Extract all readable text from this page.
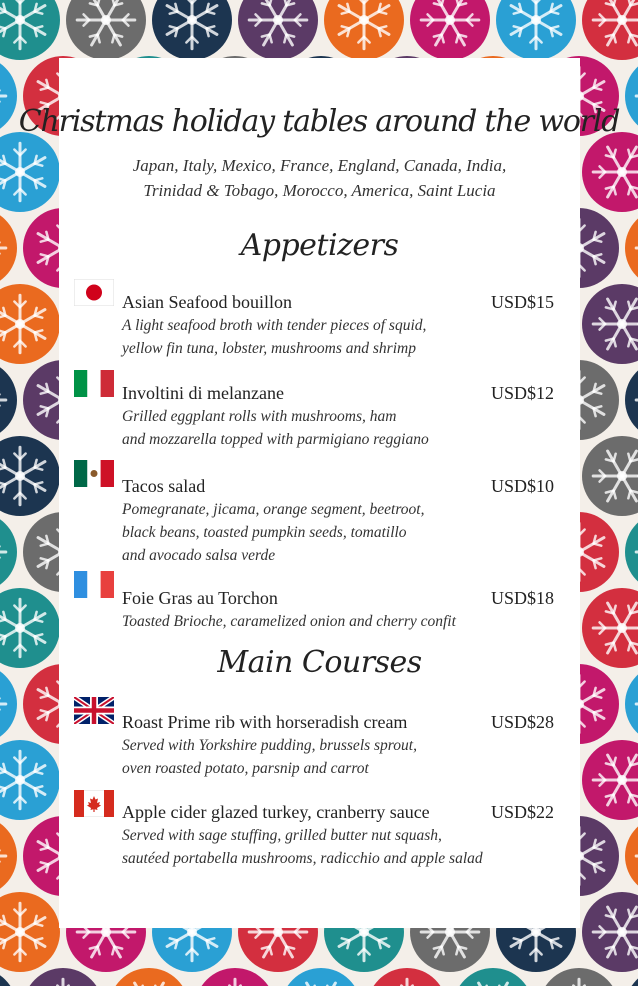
Christmas holiday tables around the world
Japan, Italy, Mexico, France, England, Canada, India,
Trinidad & Tobago, Morocco, America, Saint Lucia
Appetizers
Asian Seafood bouillon	USD$15
A light seafood broth with tender pieces of squid,
yellow fin tuna, lobster, mushrooms and shrimp
Involtini di melanzane	USD$12
Grilled eggplant rolls with mushrooms, ham
and mozzarella topped with parmigiano reggiano
Tacos salad	USD$10
Pomegranate, jicama, orange segment, beetroot,
black beans, toasted pumpkin seeds, tomatillo
and avocado salsa verde
Foie Gras au Torchon	USD$18
Toasted Brioche, caramelized onion and cherry confit
Main Courses
Roast Prime rib with horseradish cream	USD$28
Served with Yorkshire pudding, brussels sprout,
oven roasted potato, parsnip and carrot
Apple cider glazed turkey, cranberry sauce	USD$22
Served with sage stuffing, grilled butter nut squash,
sautéed portabella mushrooms, radicchio and apple salad
